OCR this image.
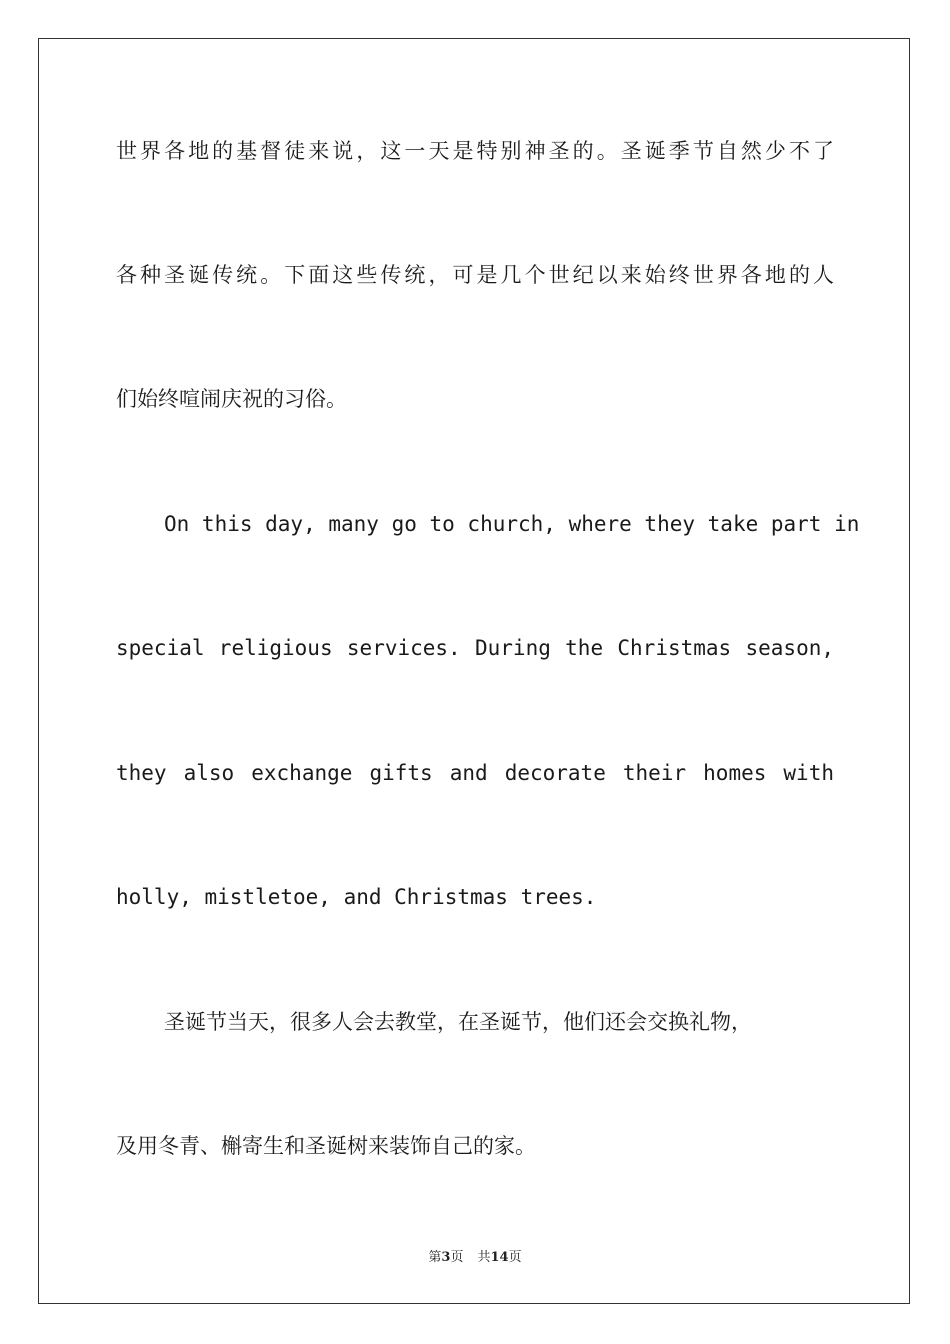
世界各地的基督徒来说，这一天是特别神圣的。圣诞季节自然少不了
各种圣诞传统。下面这些传统，可是几个世纪以来始终世界各地的人
们始终喧闹庆祝的习俗。
On this day, many go to church, where they take part in
special religious services. During the Christmas season,
they also exchange gifts and decorate their homes with
holly, mistletoe, and Christmas trees.
圣诞节当天，很多人会去教堂，在圣诞节，他们还会交换礼物，
及用冬青、槲寄生和圣诞树来装饰自己的家。
第3页 共14页
